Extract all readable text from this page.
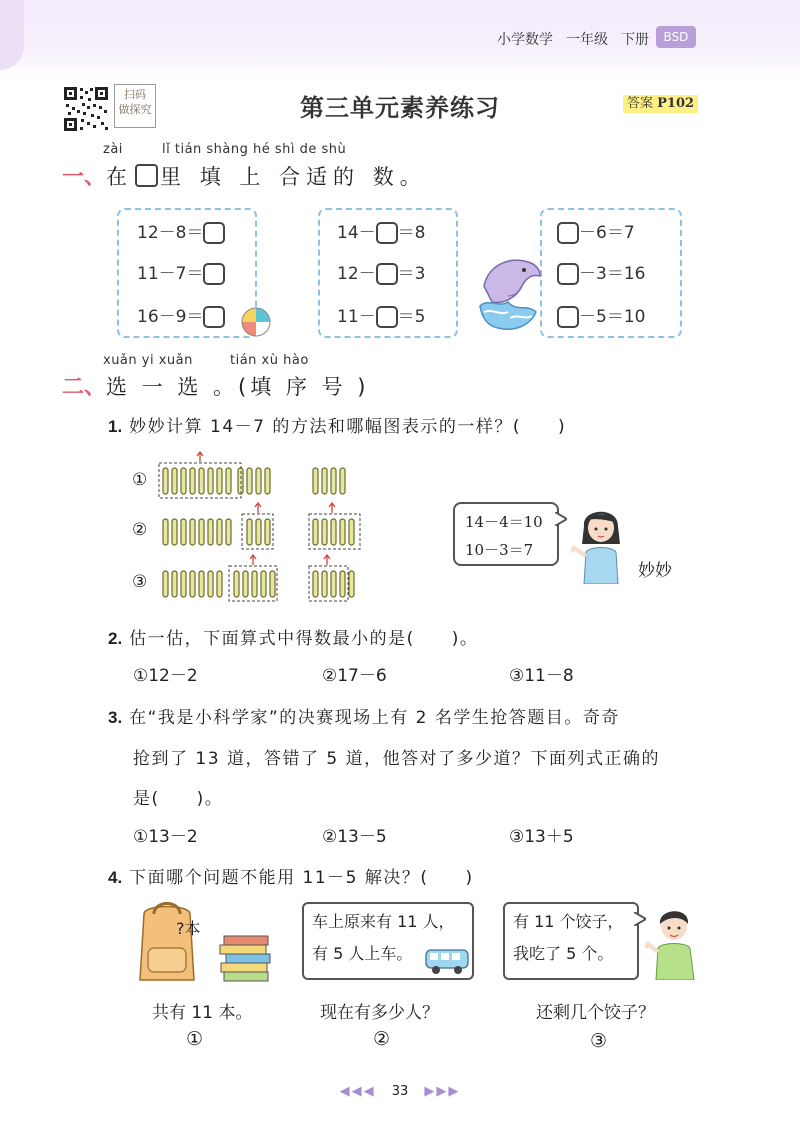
小学数学 一年级 下册	BSD
扫码
做探究	第三单元素养练习	答案 P102
zài	lǐ tián shàng hé shì de shù
一、在 里 填 上 合适的 数。
12－8＝
11－7＝
16－9＝
14－ ＝8
12－ ＝3
11－ ＝5
－6＝7
－3＝16
－5＝10
xuǎn yi xuǎn	tián xù hào
二、选 一 选 。(填 序 号 )
1. 妙妙计算 14－7 的方法和哪幅图表示的一样？(　　)
①
②
③
14－4＝10
10－3＝7
妙妙
2. 估一估，下面算式中得数最小的是(　　)。
①12－2	②17－6	③11－8
3. 在“我是小科学家”的决赛现场上有 2 名学生抢答题目。奇奇
抢到了 13 道，答错了 5 道，他答对了多少道？下面列式正确的
是(　　)。
①13－2	②13－5	③13＋5
4. 下面哪个问题不能用 11－5 解决？(　　)
?本	车上原来有 11 人，
有 5 人上车。
有 11 个饺子，
我吃了 5 个。
共有 11 本。	现在有多少人？	还剩几个饺子？
①	②	③
◀◀◀ 33 ▶▶▶
